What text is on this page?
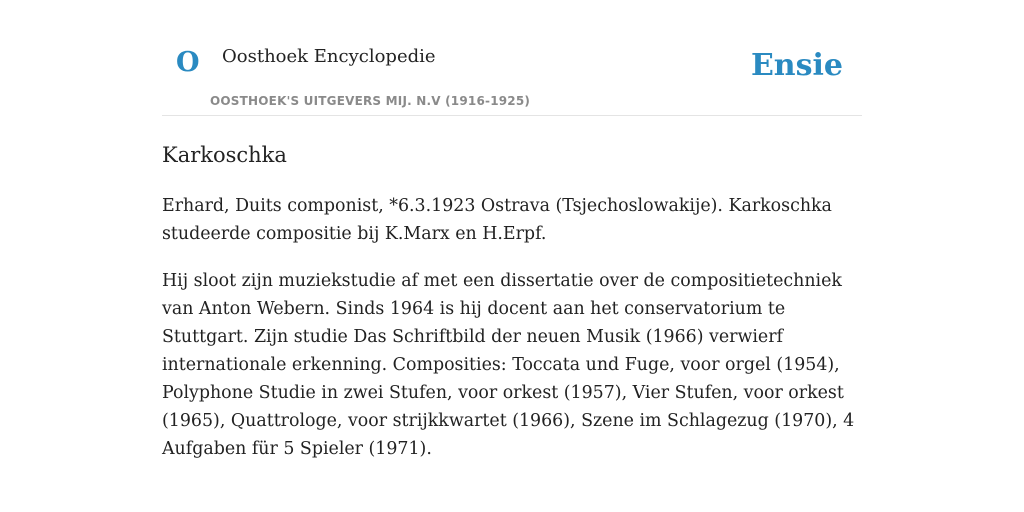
O Oosthoek Encyclopedie
OOSTHOEK'S UITGEVERS MIJ. N.V (1916-1925)
Ensie
Karkoschka

Erhard, Duits componist, *6.3.1923 Ostrava (Tsjechoslowakije). Karkoschka studeerde compositie bij K.Marx en H.Erpf.

Hij sloot zijn muziekstudie af met een dissertatie over de compositietechniek van Anton Webern. Sinds 1964 is hij docent aan het conservatorium te Stuttgart. Zijn studie Das Schriftbild der neuen Musik (1966) verwierf internationale erkenning. Composities: Toccata und Fuge, voor orgel (1954), Polyphone Studie in zwei Stufen, voor orkest (1957), Vier Stufen, voor orkest (1965), Quattrologe, voor strijkkwartet (1966), Szene im Schlagezug (1970), 4 Aufgaben für 5 Spieler (1971).
